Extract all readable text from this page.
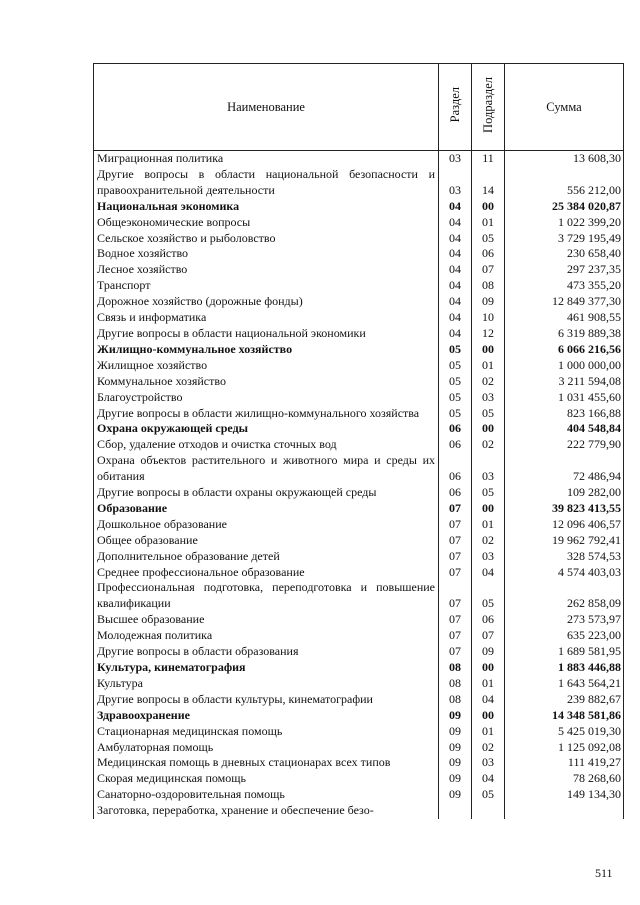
Наименование	Раздел	Подраздел	Сумма
Миграционная политика	03	11	13 608,30
Другие вопросы в области национальной безопасности и правоохранительной деятельности	03	14	556 212,00
Национальная экономика	04	00	25 384 020,87
Общеэкономические вопросы	04	01	1 022 399,20
Сельское хозяйство и рыболовство	04	05	3 729 195,49
Водное хозяйство	04	06	230 658,40
Лесное хозяйство	04	07	297 237,35
Транспорт	04	08	473 355,20
Дорожное хозяйство (дорожные фонды)	04	09	12 849 377,30
Связь и информатика	04	10	461 908,55
Другие вопросы в области национальной экономики	04	12	6 319 889,38
Жилищно-коммунальное хозяйство	05	00	6 066 216,56
Жилищное хозяйство	05	01	1 000 000,00
Коммунальное хозяйство	05	02	3 211 594,08
Благоустройство	05	03	1 031 455,60
Другие вопросы в области жилищно-коммунального хозяйства	05	05	823 166,88
Охрана окружающей среды	06	00	404 548,84
Сбор, удаление отходов и очистка сточных вод	06	02	222 779,90
Охрана объектов растительного и животного мира и среды их обитания	06	03	72 486,94
Другие вопросы в области охраны окружающей среды	06	05	109 282,00
Образование	07	00	39 823 413,55
Дошкольное образование	07	01	12 096 406,57
Общее образование	07	02	19 962 792,41
Дополнительное образование детей	07	03	328 574,53
Среднее профессиональное образование	07	04	4 574 403,03
Профессиональная подготовка, переподготовка и повышение квалификации	07	05	262 858,09
Высшее образование	07	06	273 573,97
Молодежная политика	07	07	635 223,00
Другие вопросы в области образования	07	09	1 689 581,95
Культура, кинематография	08	00	1 883 446,88
Культура	08	01	1 643 564,21
Другие вопросы в области культуры, кинематографии	08	04	239 882,67
Здравоохранение	09	00	14 348 581,86
Стационарная медицинская помощь	09	01	5 425 019,30
Амбулаторная помощь	09	02	1 125 092,08
Медицинская помощь в дневных стационарах всех типов	09	03	111 419,27
Скорая медицинская помощь	09	04	78 268,60
Санаторно-оздоровительная помощь	09	05	149 134,30
Заготовка, переработка, хранение и обеспечение безо-			
511
